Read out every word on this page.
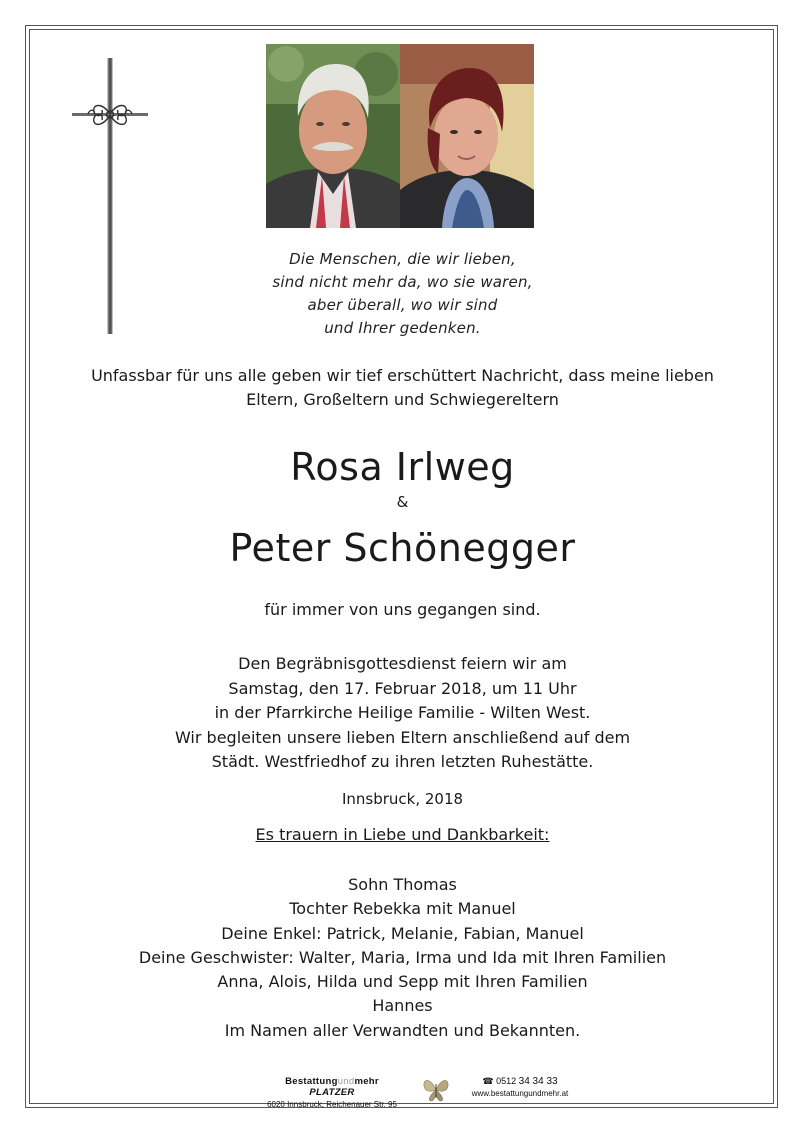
Die Menschen, die wir lieben,
sind nicht mehr da, wo sie waren,
aber überall, wo wir sind
und Ihrer gedenken.
Unfassbar für uns alle geben wir tief erschüttert Nachricht, dass meine lieben
Eltern, Großeltern und Schwiegereltern
Rosa Irlweg
&
Peter Schönegger
für immer von uns gegangen sind.
Den Begräbnisgottesdienst feiern wir am
Samstag, den 17. Februar 2018, um 11 Uhr
in der Pfarrkirche Heilige Familie - Wilten West.
Wir begleiten unsere lieben Eltern anschließend auf dem
Städt. Westfriedhof zu ihren letzten Ruhestätte.
Innsbruck, 2018
Es trauern in Liebe und Dankbarkeit:
Sohn Thomas
Tochter Rebekka mit Manuel
Deine Enkel: Patrick, Melanie, Fabian, Manuel
Deine Geschwister: Walter, Maria, Irma und Ida mit Ihren Familien
Anna, Alois, Hilda und Sepp mit Ihren Familien
Hannes
Im Namen aller Verwandten und Bekannten.
Bestattungundmehr PLATZER
6020 Innsbruck, Reichenauer Str. 95
☎ 0512 34 34 33
www.bestattungundmehr.at
